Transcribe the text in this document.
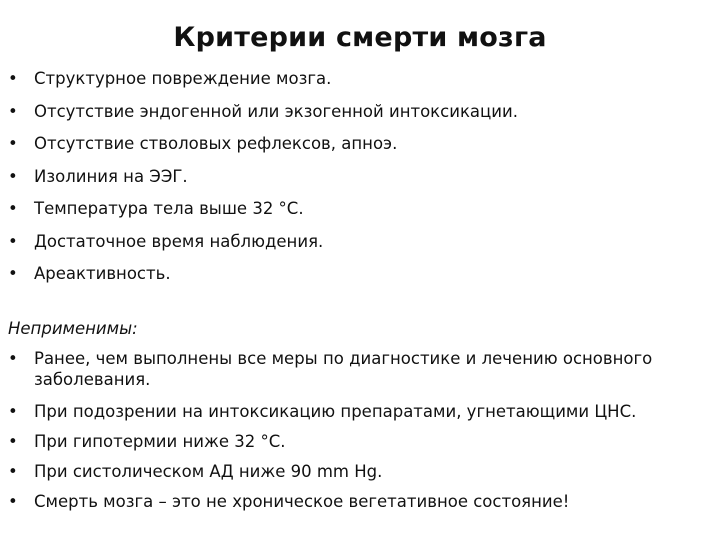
Критерии смерти мозга
• Структурное повреждение мозга.
• Отсутствие эндогенной или экзогенной интоксикации.
• Отсутствие стволовых рефлексов, апноэ.
• Изолиния на ЭЭГ.
• Температура тела выше 32 °С.
• Достаточное время наблюдения.
• Ареактивность.
Неприменимы:
• Ранее, чем выполнены все меры по диагностике и лечению основного заболевания.
• При подозрении на интоксикацию препаратами, угнетающими ЦНС.
• При гипотермии ниже 32 °С.
• При систолическом АД ниже 90 mm Hg.
• Смерть мозга – это не хроническое вегетативное состояние!
